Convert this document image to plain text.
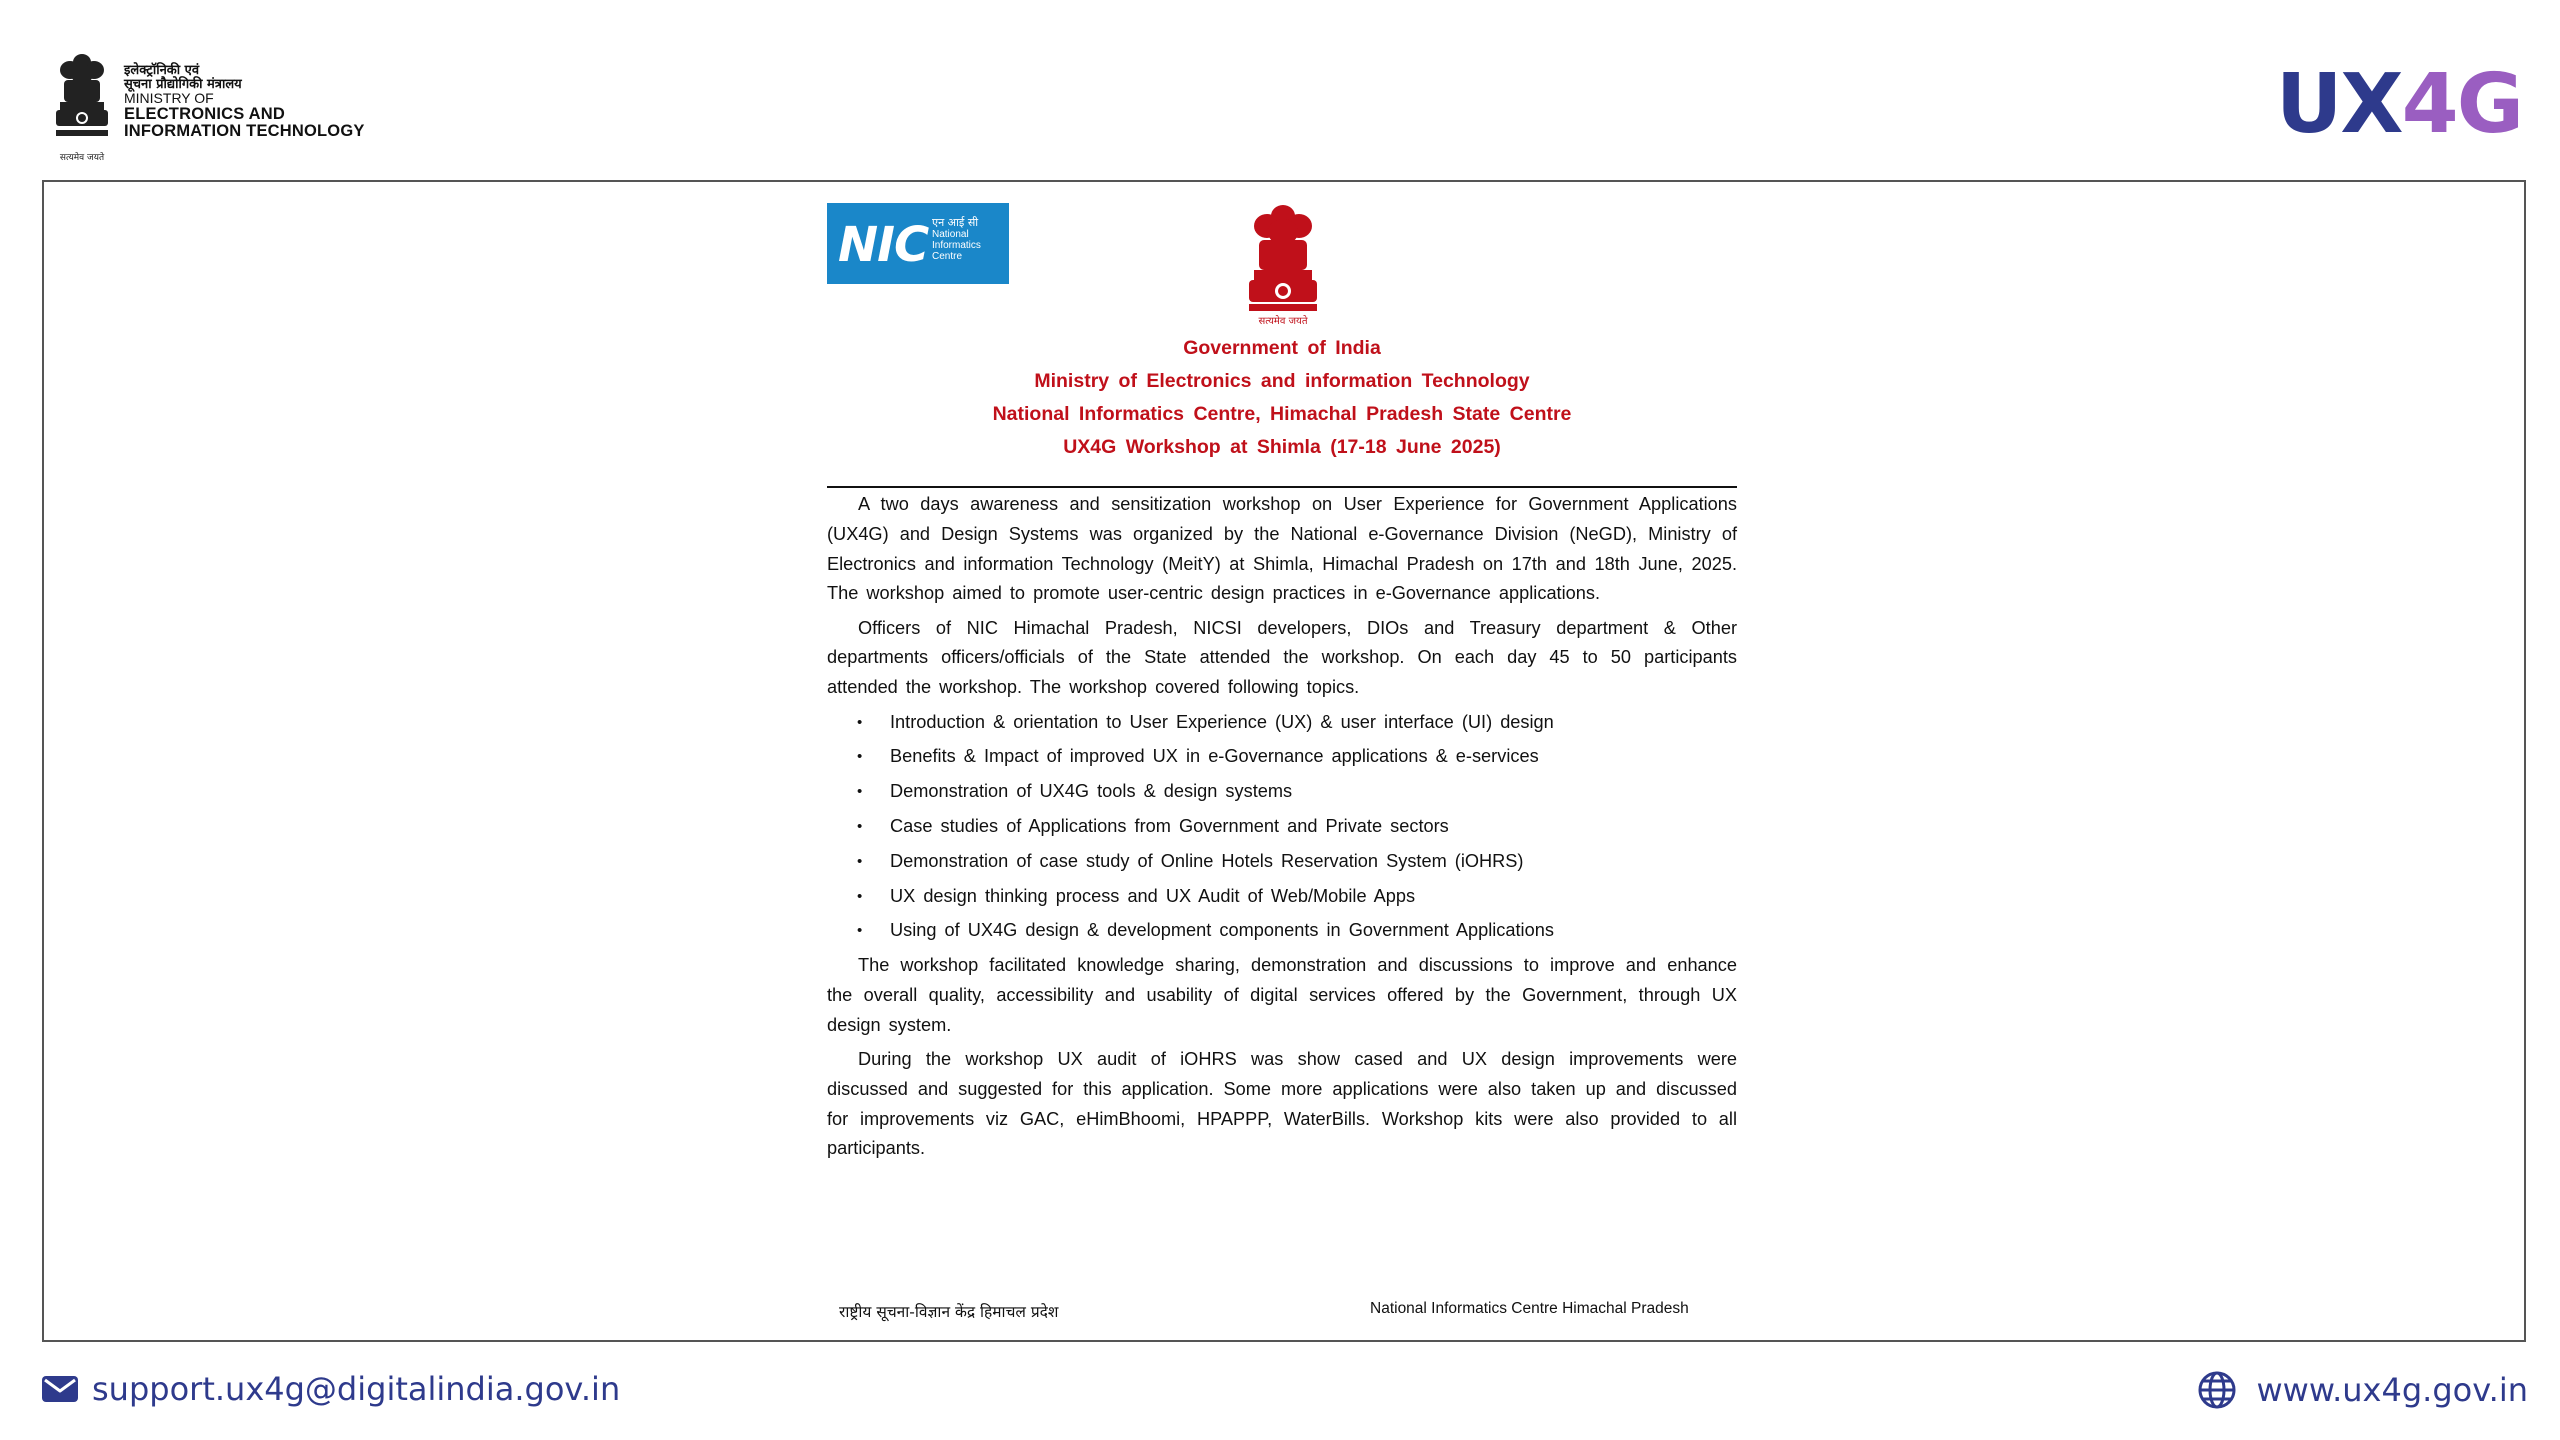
सत्यमेव जयते
इलेक्ट्रॉनिकी एवं
सूचना प्रौद्योगिकी मंत्रालय
MINISTRY OF
ELECTRONICS AND
INFORMATION TECHNOLOGY	UX4G
NIC एन आई सी
National Informatics Centre
सत्यमेव जयते
Government of India
Ministry of Electronics and information Technology
National Informatics Centre, Himachal Pradesh State Centre
UX4G Workshop at Shimla (17-18 June 2025)

A two days awareness and sensitization workshop on User Experience for Government Applications (UX4G) and Design Systems was organized by the National e-Governance Division (NeGD), Ministry of Electronics and information Technology (MeitY) at Shimla, Himachal Pradesh on 17th and 18th June, 2025. The workshop aimed to promote user-centric design practices in e-Governance applications.

Officers of NIC Himachal Pradesh, NICSI developers, DIOs and Treasury department & Other departments officers/officials of the State attended the workshop. On each day 45 to 50 participants attended the workshop. The workshop covered following topics.

• Introduction & orientation to User Experience (UX) & user interface (UI) design
• Benefits & Impact of improved UX in e-Governance applications & e-services
• Demonstration of UX4G tools & design systems
• Case studies of Applications from Government and Private sectors
• Demonstration of case study of Online Hotels Reservation System (iOHRS)
• UX design thinking process and UX Audit of Web/Mobile Apps
• Using of UX4G design & development components in Government Applications

The workshop facilitated knowledge sharing, demonstration and discussions to improve and enhance the overall quality, accessibility and usability of digital services offered by the Government, through UX design system.

During the workshop UX audit of iOHRS was show cased and UX design improvements were discussed and suggested for this application. Some more applications were also taken up and discussed for improvements viz GAC, eHimBhoomi, HPAPPP, WaterBills. Workshop kits were also provided to all participants.

राष्ट्रीय सूचना-विज्ञान केंद्र हिमाचल प्रदेश	National Informatics Centre Himachal Pradesh
support.ux4g@digitalindia.gov.in	www.ux4g.gov.in
